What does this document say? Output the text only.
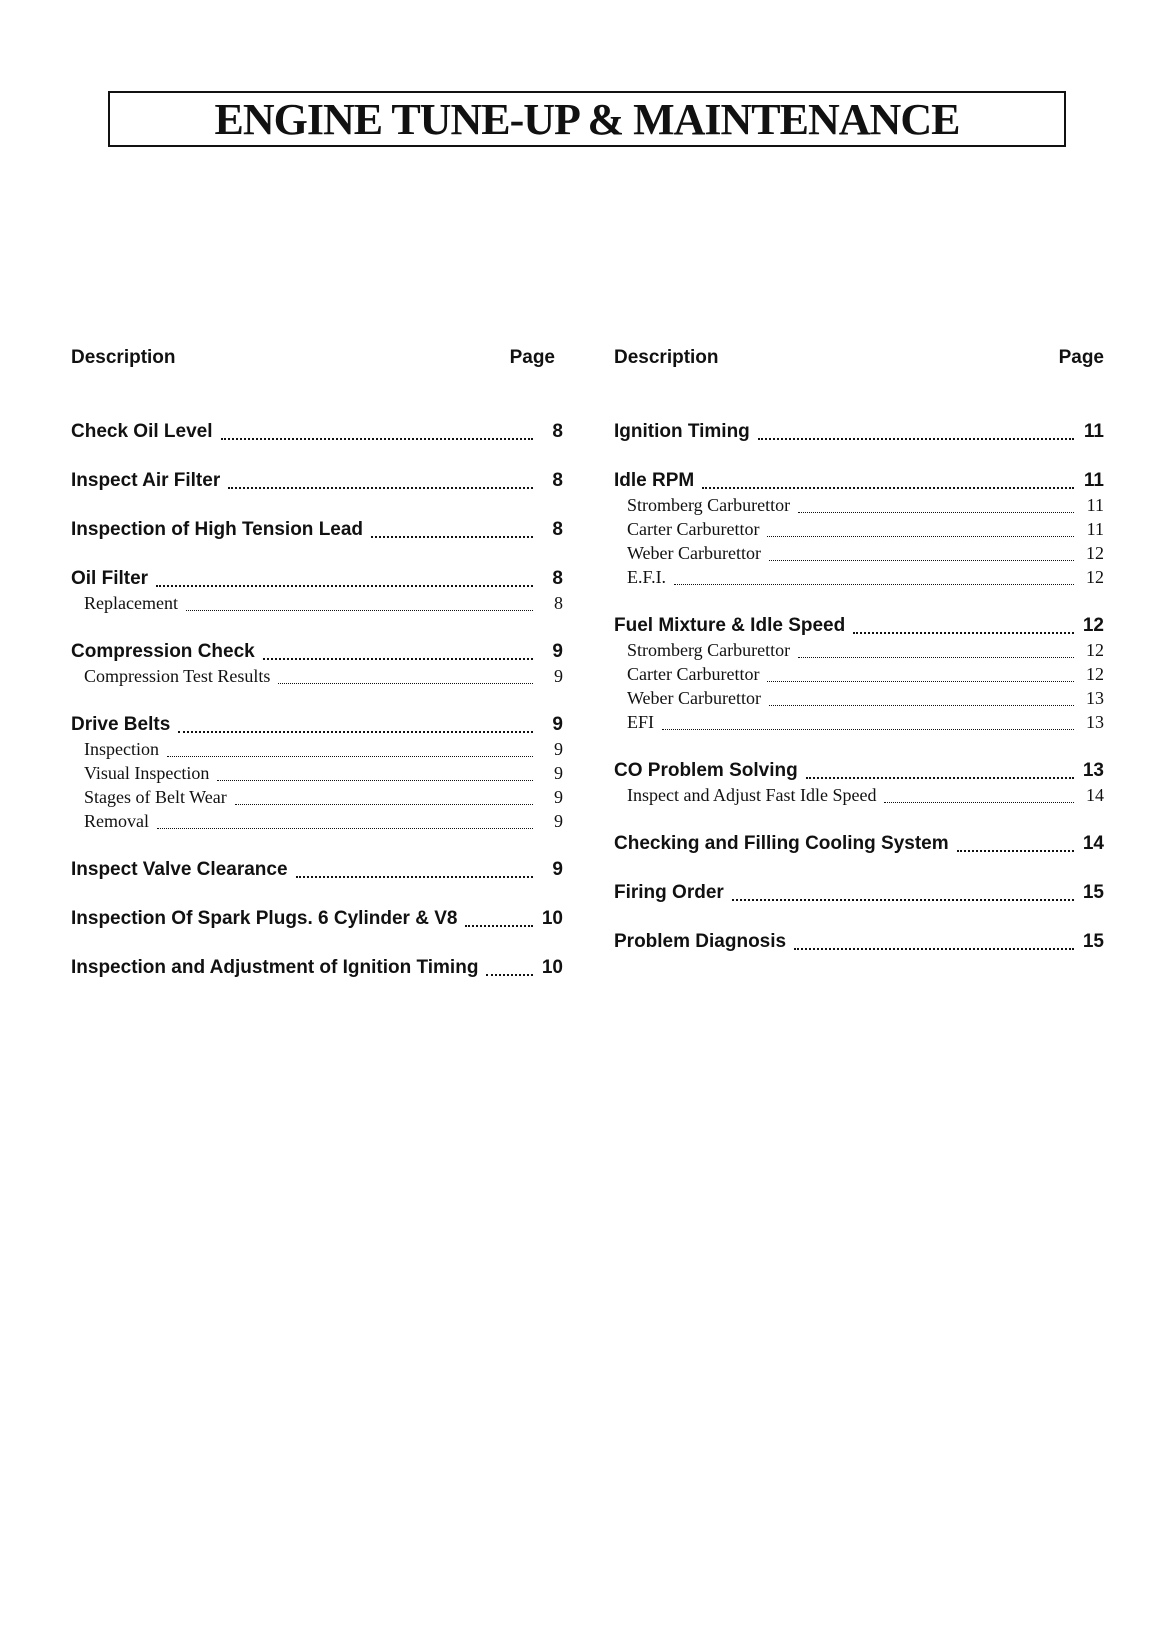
ENGINE TUNE-UP & MAINTENANCE
Description	Page
Check Oil Level	8
Inspect Air Filter	8
Inspection of High Tension Lead	8
Oil Filter	8
Replacement	8
Compression Check	9
Compression Test Results	9
Drive Belts	9
Inspection	9
Visual Inspection	9
Stages of Belt Wear	9
Removal	9
Inspect Valve Clearance	9
Inspection Of Spark Plugs. 6 Cylinder & V8	10
Inspection and Adjustment of Ignition Timing	10
Description	Page
Ignition Timing	11
Idle RPM	11
Stromberg Carburettor	11
Carter Carburettor	11
Weber Carburettor	12
E.F.I.	12
Fuel Mixture & Idle Speed	12
Stromberg Carburettor	12
Carter Carburettor	12
Weber Carburettor	13
EFI	13
CO Problem Solving	13
Inspect and Adjust Fast Idle Speed	14
Checking and Filling Cooling System	14
Firing Order	15
Problem Diagnosis	15
